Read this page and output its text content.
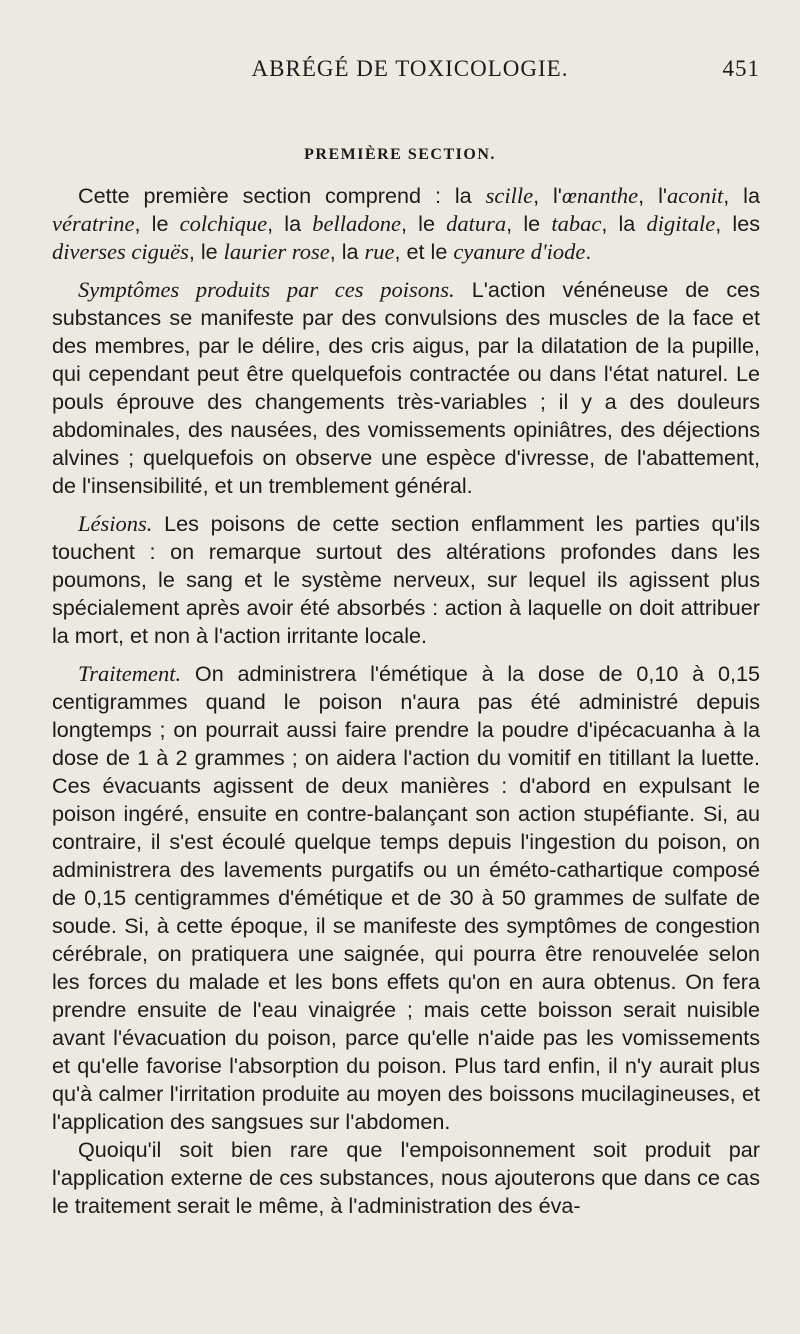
ABRÉGÉ DE TOXICOLOGIE.	451
PREMIÈRE SECTION.

Cette première section comprend : la scille, l'œnanthe, l'aconit, la vératrine, le colchique, la belladone, le datura, le tabac, la digitale, les diverses ciguës, le laurier rose, la rue, et le cyanure d'iode.

Symptômes produits par ces poisons. L'action vénéneuse de ces substances se manifeste par des convulsions des muscles de la face et des membres, par le délire, des cris aigus, par la dilatation de la pupille, qui cependant peut être quelquefois contractée ou dans l'état naturel. Le pouls éprouve des changements très-variables ; il y a des douleurs abdominales, des nausées, des vomissements opiniâtres, des déjections alvines ; quelquefois on observe une espèce d'ivresse, de l'abattement, de l'insensibilité, et un tremblement général.

Lésions. Les poisons de cette section enflamment les parties qu'ils touchent : on remarque surtout des altérations profondes dans les poumons, le sang et le système nerveux, sur lequel ils agissent plus spécialement après avoir été absorbés : action à laquelle on doit attribuer la mort, et non à l'action irritante locale.

Traitement. On administrera l'émétique à la dose de 0,10 à 0,15 centigrammes quand le poison n'aura pas été administré depuis longtemps ; on pourrait aussi faire prendre la poudre d'ipécacuanha à la dose de 1 à 2 grammes ; on aidera l'action du vomitif en titillant la luette. Ces évacuants agissent de deux manières : d'abord en expulsant le poison ingéré, ensuite en contre-balançant son action stupéfiante. Si, au contraire, il s'est écoulé quelque temps depuis l'ingestion du poison, on administrera des lavements purgatifs ou un éméto-cathartique composé de 0,15 centigrammes d'émétique et de 30 à 50 grammes de sulfate de soude. Si, à cette époque, il se manifeste des symptômes de congestion cérébrale, on pratiquera une saignée, qui pourra être renouvelée selon les forces du malade et les bons effets qu'on en aura obtenus. On fera prendre ensuite de l'eau vinaigrée ; mais cette boisson serait nuisible avant l'évacuation du poison, parce qu'elle n'aide pas les vomissements et qu'elle favorise l'absorption du poison. Plus tard enfin, il n'y aurait plus qu'à calmer l'irritation produite au moyen des boissons mucilagineuses, et l'application des sangsues sur l'abdomen.

Quoiqu'il soit bien rare que l'empoisonnement soit produit par l'application externe de ces substances, nous ajouterons que dans ce cas le traitement serait le même, à l'administration des éva-
